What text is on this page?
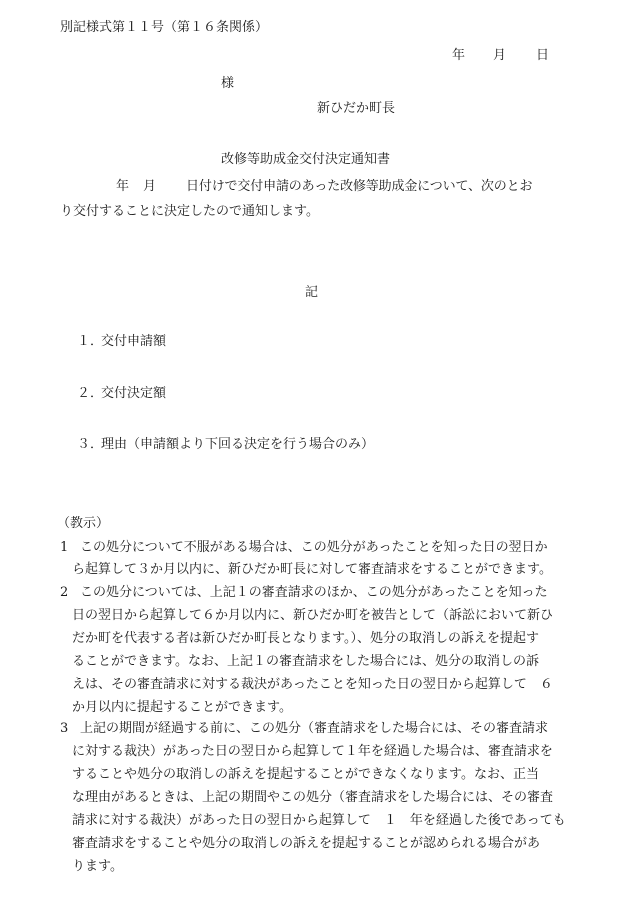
別記様式第１１号（第１６条関係）
年 月 日
様
新ひだか町長
改修等助成金交付決定通知書
年 月 日付けで交付申請のあった改修等助成金について、次のとお
り交付することに決定したので通知します。
記
１．交付申請額
２．交付決定額
３．理由（申請額より下回る決定を行う場合のみ）
（教示）
1 この処分について不服がある場合は、この処分があったことを知った日の翌日か
ら起算して３か月以内に、新ひだか町長に対して審査請求をすることができます。
2 この処分については、上記１の審査請求のほか、この処分があったことを知った
日の翌日から起算して６か月以内に、新ひだか町を被告として（訴訟において新ひ
だか町を代表する者は新ひだか町長となります。）、処分の取消しの訴えを提起す
ることができます。なお、上記１の審査請求をした場合には、処分の取消しの訴
えは、その審査請求に対する裁決があったことを知った日の翌日から起算して　６
か月以内に提起することができます。
3 上記の期間が経過する前に、この処分（審査請求をした場合には、その審査請求
に対する裁決）があった日の翌日から起算して１年を経過した場合は、審査請求を
することや処分の取消しの訴えを提起することができなくなります。なお、正当
な理由があるときは、上記の期間やこの処分（審査請求をした場合には、その審査
請求に対する裁決）があった日の翌日から起算して　１　年を経過した後であっても
審査請求をすることや処分の取消しの訴えを提起することが認められる場合があ
ります。
